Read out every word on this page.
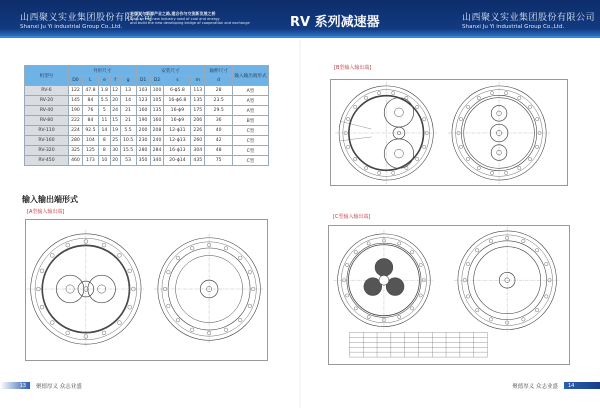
山西聚义实业集团股份有限公司
Shanxi Ju Yi industrial Group Co.,Ltd.
走煤炭与新源产业之路,建合作与交流新发展之桥
Walk on the new industry road of coal and energy
and build the new developing bridge of cooperation and exchange	RV 系列减速器	山西聚义实业集团股份有限公司
Shanxi Ju Yi industrial Group Co.,Ltd.
机型号	外形尺寸					安装尺寸				轴伸尺寸	输入输出端形式
	D0	L	e	f	g	D1	D2	s	m	d	
RV-6	122	47.8	1.8	12	13	103	100	6-ϕ5.8	113	28	A型
RV-20	145	84	5.5	20	14	123	105	16-ϕ6.8	135	23.5	A型
RV-40	190	76	5	24	21	160	135	16-ϕ9	175	29.5	A型
RV-80	222	84	11	15	21	190	160	16-ϕ9	206	36	B型
RV-110	224	92.5	14	19	5.5	200	208	12-ϕ11	226	40	C型
RV-160	280	104	8	25	10.5	230	240	12-ϕ13	260	42	C型
RV-320	325	125	8	30	15.5	280	284	16-ϕ13	304	48	C型
RV-450	460	173	10	20	53	350	340	20-ϕ14	435	75	C型
输入输出端形式
[A型输入输出端]
[B型输入输出端]
[C型输入输出端]
13	聚德厚义 众志业盛	聚德厚义 众志业盛	14
